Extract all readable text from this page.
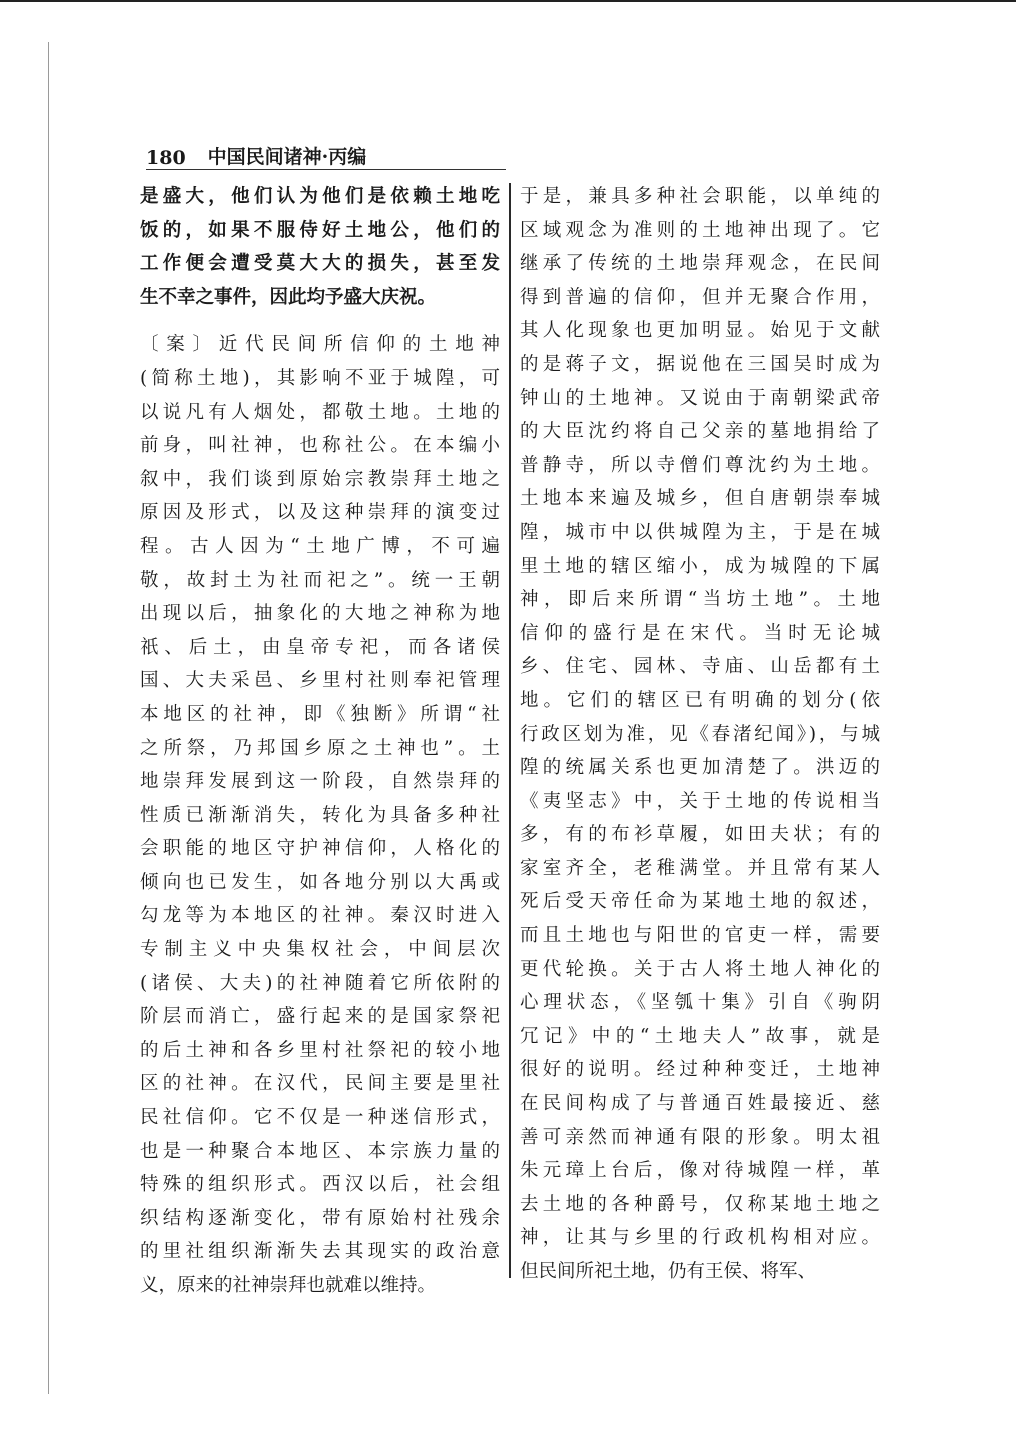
180 中国民间诸神·丙编
是盛大，他们认为他们是依赖土地吃
饭的，如果不服侍好土地公，他们的
工作便会遭受莫大大的损失，甚至发
生不幸之事件，因此均予盛大庆祝。
〔案〕近代民间所信仰的土地神
(简称土地)，其影响不亚于城隍，可
以说凡有人烟处，都敬土地。土地的
前身，叫社神，也称社公。在本编小
叙中，我们谈到原始宗教崇拜土地之
原因及形式，以及这种崇拜的演变过
程。古人因为“土地广博，不可遍
敬，故封土为社而祀之”。统一王朝
出现以后，抽象化的大地之神称为地
祇、后土，由皇帝专祀，而各诸侯
国、大夫采邑、乡里村社则奉祀管理
本地区的社神，即《独断》所谓“社
之所祭，乃邦国乡原之土神也”。土
地崇拜发展到这一阶段，自然崇拜的
性质已渐渐消失，转化为具备多种社
会职能的地区守护神信仰，人格化的
倾向也已发生，如各地分别以大禹或
勾龙等为本地区的社神。秦汉时进入
专制主义中央集权社会，中间层次
(诸侯、大夫)的社神随着它所依附的
阶层而消亡，盛行起来的是国家祭祀
的后土神和各乡里村社祭祀的较小地
区的社神。在汉代，民间主要是里社
民社信仰。它不仅是一种迷信形式，
也是一种聚合本地区、本宗族力量的
特殊的组织形式。西汉以后，社会组
织结构逐渐变化，带有原始村社残余
的里社组织渐渐失去其现实的政治意
义，原来的社神崇拜也就难以维持。
于是，兼具多种社会职能，以单纯的
区域观念为准则的土地神出现了。它
继承了传统的土地崇拜观念，在民间
得到普遍的信仰，但并无聚合作用，
其人化现象也更加明显。始见于文献
的是蒋子文，据说他在三国吴时成为
钟山的土地神。又说由于南朝梁武帝
的大臣沈约将自己父亲的墓地捐给了
普静寺，所以寺僧们尊沈约为土地。
土地本来遍及城乡，但自唐朝崇奉城
隍，城市中以供城隍为主，于是在城
里土地的辖区缩小，成为城隍的下属
神，即后来所谓“当坊土地”。土地
信仰的盛行是在宋代。当时无论城
乡、住宅、园林、寺庙、山岳都有土
地。它们的辖区已有明确的划分(依
行政区划为准，见《春渚纪闻》)，与城
隍的统属关系也更加清楚了。洪迈的
《夷坚志》中，关于土地的传说相当
多，有的布衫草履，如田夫状；有的
家室齐全，老稚满堂。并且常有某人
死后受天帝任命为某地土地的叙述，
而且土地也与阳世的官吏一样，需要
更代轮换。关于古人将土地人神化的
心理状态，《坚瓠十集》引自《驹阴
冗记》中的“土地夫人”故事，就是
很好的说明。经过种种变迁，土地神
在民间构成了与普通百姓最接近、慈
善可亲然而神通有限的形象。明太祖
朱元璋上台后，像对待城隍一样，革
去土地的各种爵号，仅称某地土地之
神，让其与乡里的行政机构相对应。
但民间所祀土地，仍有王侯、将军、
